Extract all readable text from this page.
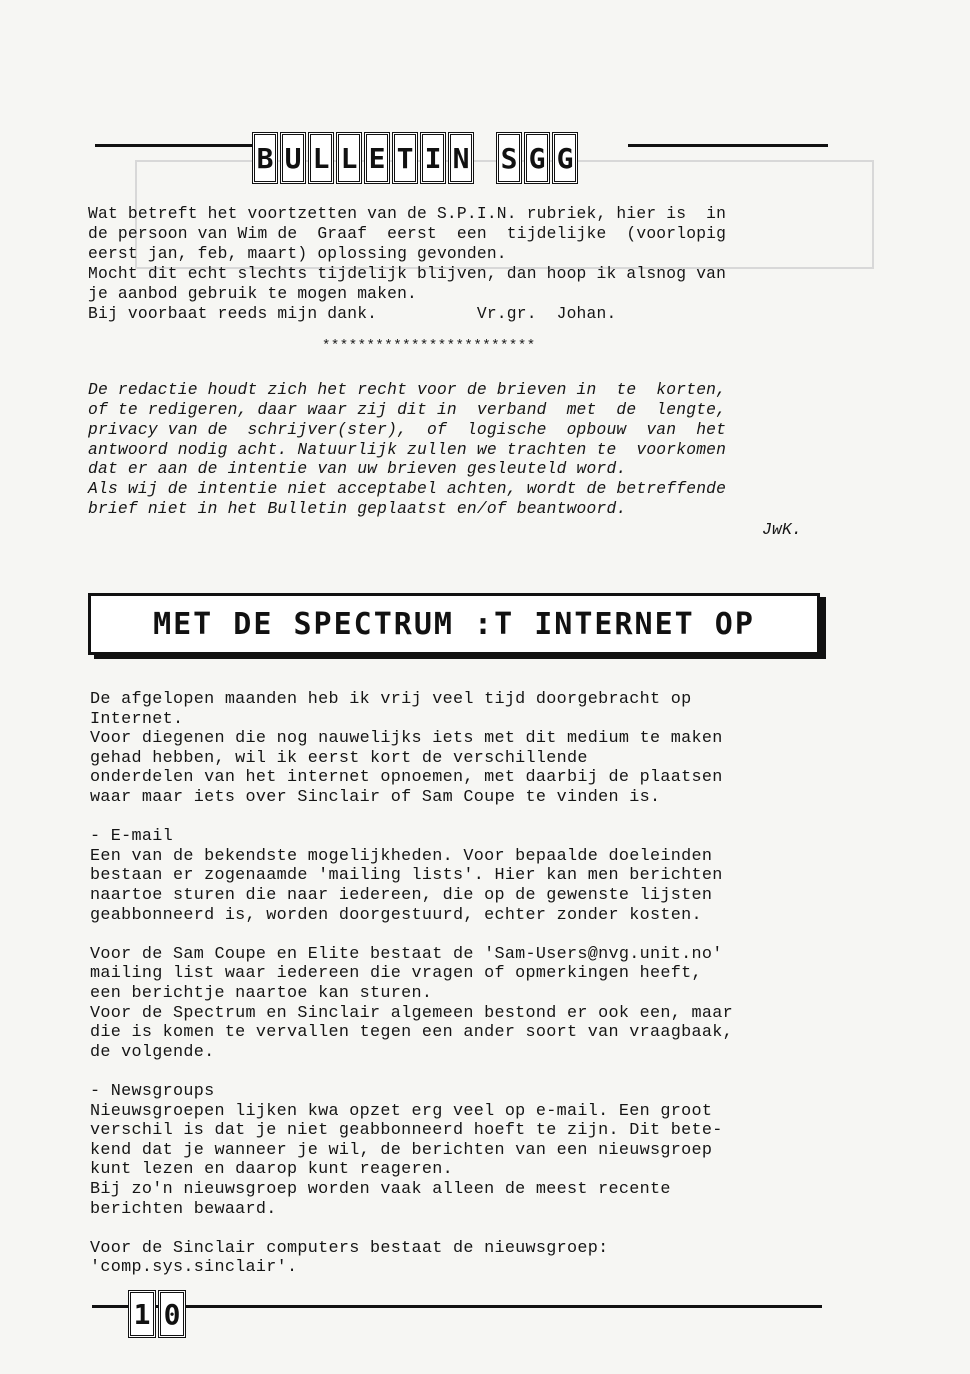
B U L L E T I N S G G
Wat betreft het voortzetten van de S.P.I.N. rubriek, hier is  in
de persoon van Wim de  Graaf  eerst  een  tijdelijke  (voorlopig
eerst jan, feb, maart) oplossing gevonden.
Mocht dit echt slechts tijdelijk blijven, dan hoop ik alsnog van
je aanbod gebruik te mogen maken.
Bij voorbaat reeds mijn dank.          Vr.gr.  Johan.
************************
De redactie houdt zich het recht voor de brieven in  te  korten,
of te redigeren, daar waar zij dit in  verband  met  de  lengte,
privacy van de  schrijver(ster),  of  logische  opbouw  van  het
antwoord nodig acht. Natuurlijk zullen we trachten te  voorkomen
dat er aan de intentie van uw brieven gesleuteld word.
Als wij de intentie niet acceptabel achten, wordt de betreffende
brief niet in het Bulletin geplaatst en/of beantwoord.
JwK.
MET DE SPECTRUM :T INTERNET OP
De afgelopen maanden heb ik vrij veel tijd doorgebracht op
Internet.
Voor diegenen die nog nauwelijks iets met dit medium te maken
gehad hebben, wil ik eerst kort de verschillende
onderdelen van het internet opnoemen, met daarbij de plaatsen
waar maar iets over Sinclair of Sam Coupe te vinden is.
- E-mail
Een van de bekendste mogelijkheden. Voor bepaalde doeleinden
bestaan er zogenaamde 'mailing lists'. Hier kan men berichten
naartoe sturen die naar iedereen, die op de gewenste lijsten
geabbonneerd is, worden doorgestuurd, echter zonder kosten.
Voor de Sam Coupe en Elite bestaat de 'Sam-Users@nvg.unit.no'
mailing list waar iedereen die vragen of opmerkingen heeft,
een berichtje naartoe kan sturen.
Voor de Spectrum en Sinclair algemeen bestond er ook een, maar
die is komen te vervallen tegen een ander soort van vraagbaak,
de volgende.
- Newsgroups
Nieuwsgroepen lijken kwa opzet erg veel op e-mail. Een groot
verschil is dat je niet geabbonneerd hoeft te zijn. Dit bete-
kend dat je wanneer je wil, de berichten van een nieuwsgroep
kunt lezen en daarop kunt reageren.
Bij zo'n nieuwsgroep worden vaak alleen de meest recente
berichten bewaard.
Voor de Sinclair computers bestaat de nieuwsgroep:
'comp.sys.sinclair'.
1 0
